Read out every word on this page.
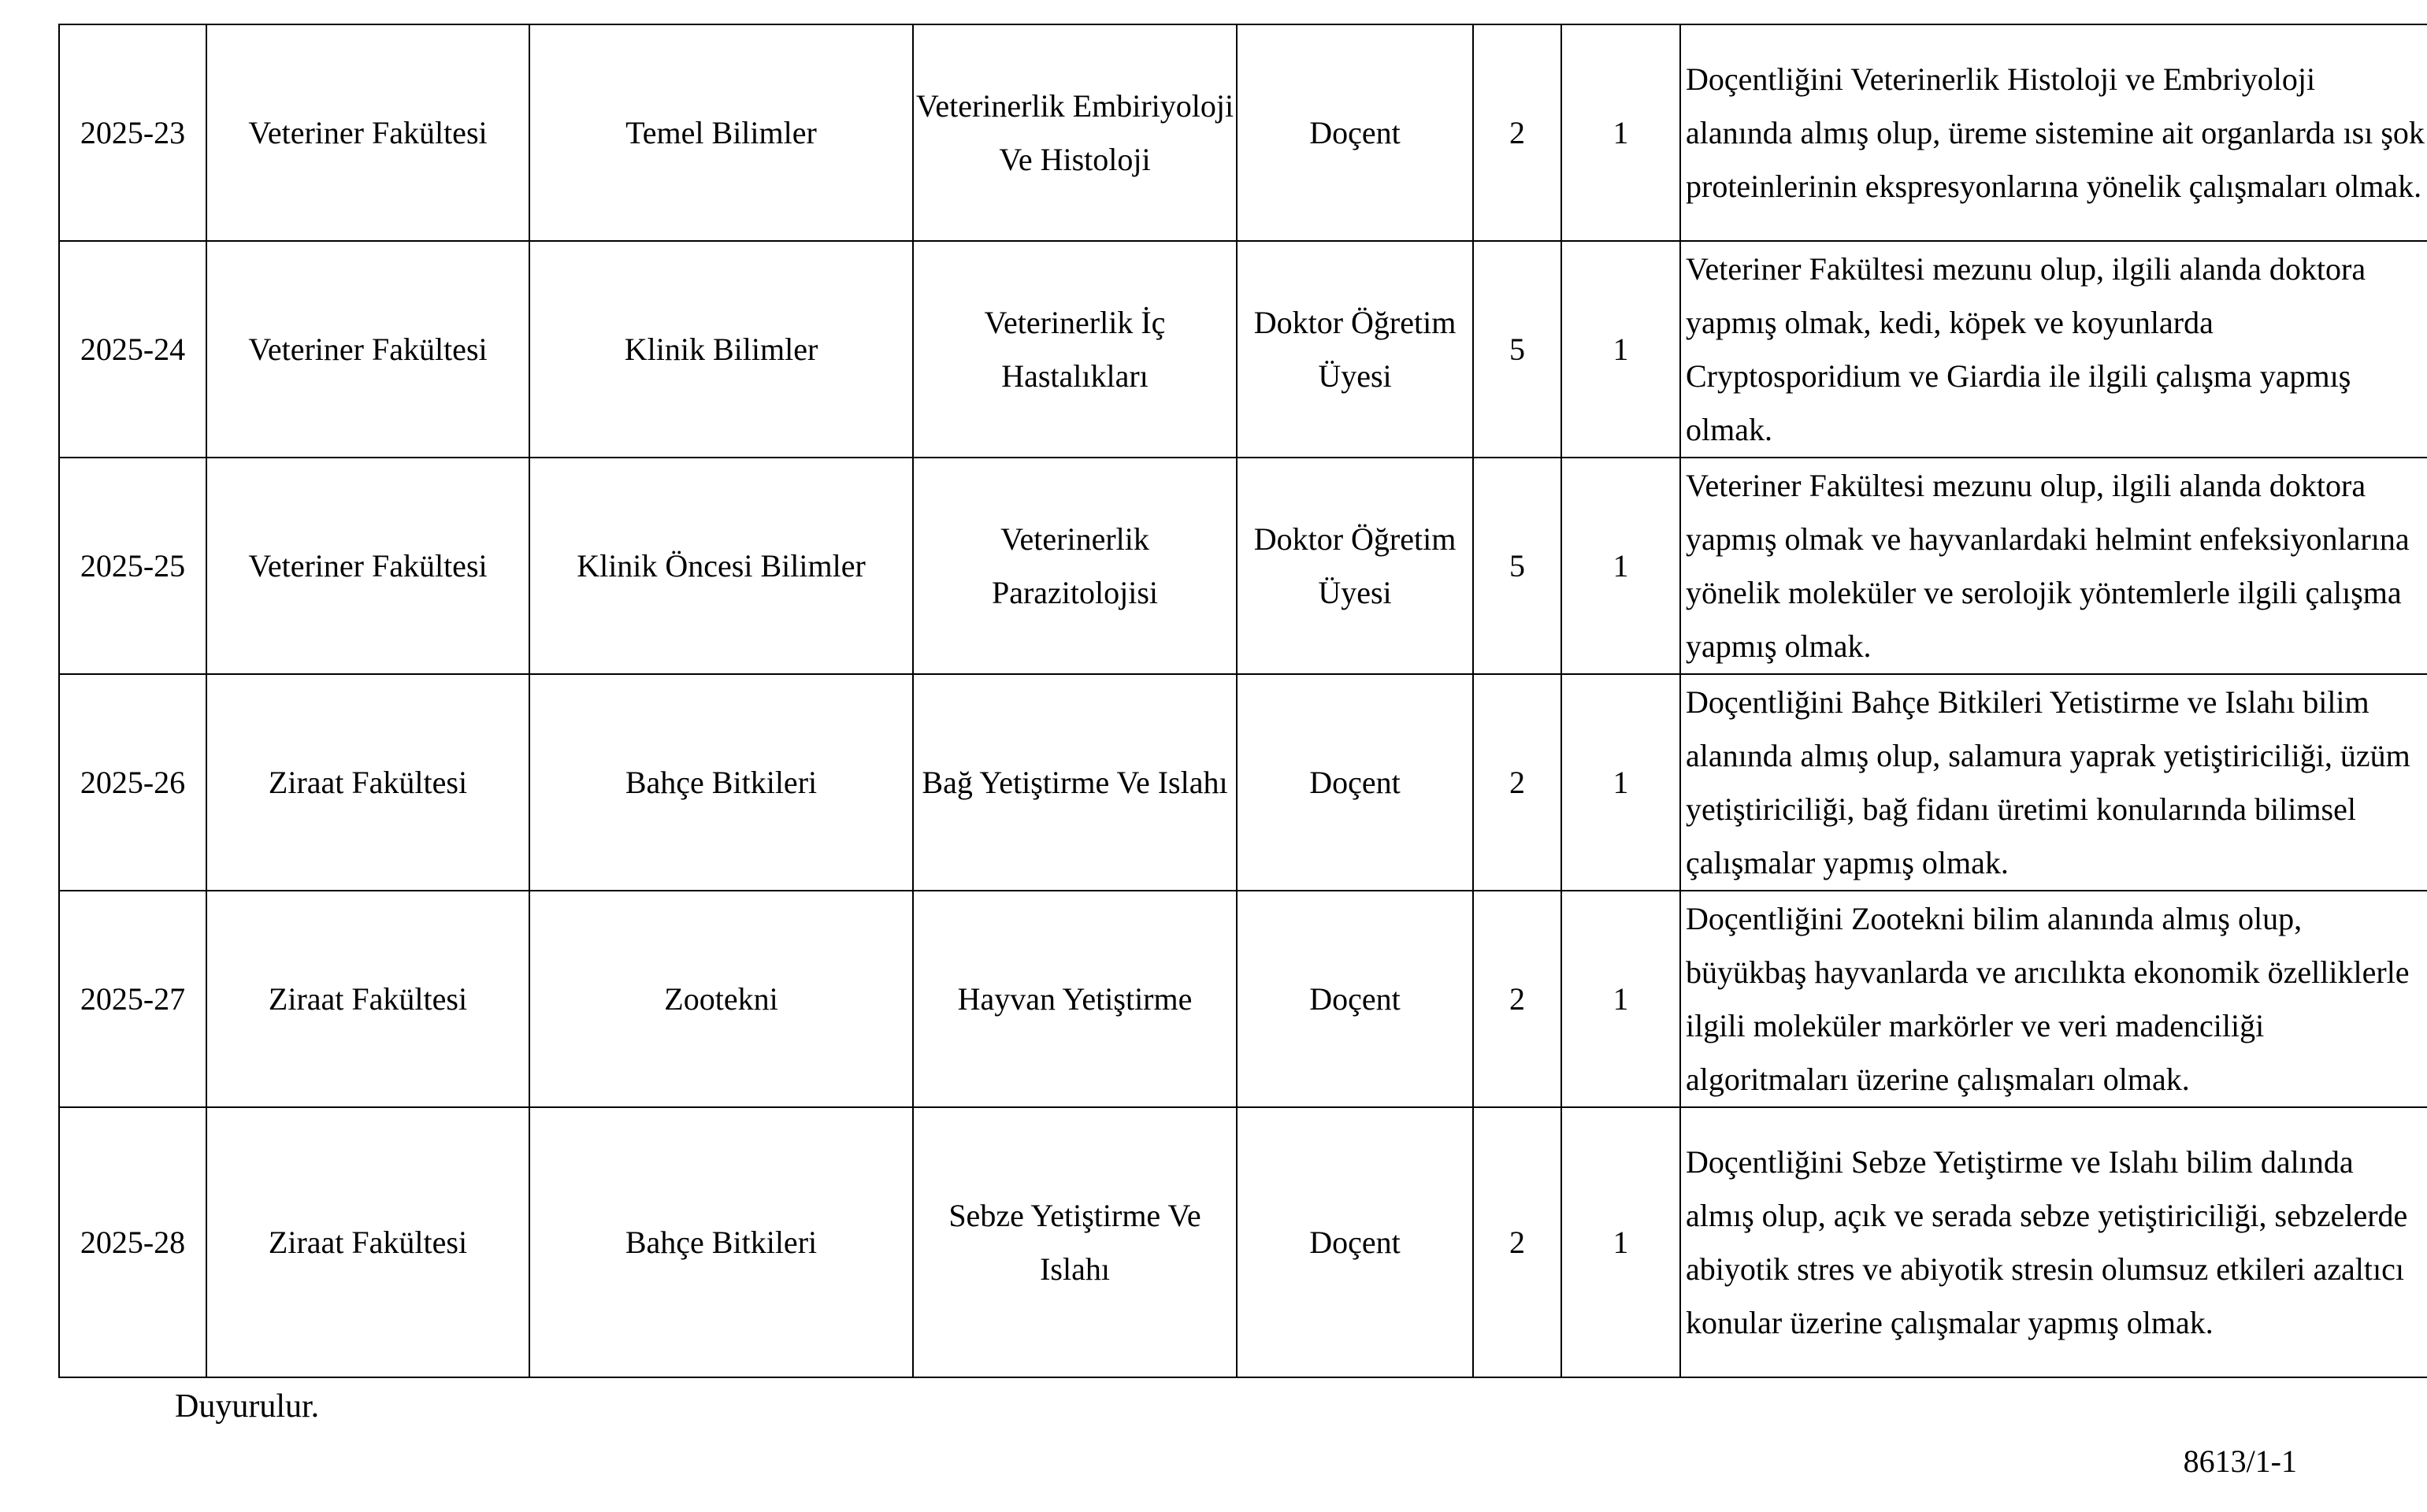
2025-23	Veteriner Fakültesi	Temel Bilimler	Veterinerlik Embiriyoloji Ve Histoloji	Doçent	2	1	Doçentliğini Veterinerlik Histoloji ve Embriyoloji alanında almış olup, üreme sistemine ait organlarda ısı şok proteinlerinin ekspresyonlarına yönelik çalışmaları olmak.
2025-24	Veteriner Fakültesi	Klinik Bilimler	Veterinerlik İç Hastalıkları	Doktor Öğretim Üyesi	5	1	Veteriner Fakültesi mezunu olup, ilgili alanda doktora yapmış olmak, kedi, köpek ve koyunlarda Cryptosporidium ve Giardia ile ilgili çalışma yapmış olmak.
2025-25	Veteriner Fakültesi	Klinik Öncesi Bilimler	Veterinerlik Parazitolojisi	Doktor Öğretim Üyesi	5	1	Veteriner Fakültesi mezunu olup, ilgili alanda doktora yapmış olmak ve hayvanlardaki helmint enfeksiyonlarına yönelik moleküler ve serolojik yöntemlerle ilgili çalışma yapmış olmak.
2025-26	Ziraat Fakültesi	Bahçe Bitkileri	Bağ Yetiştirme Ve Islahı	Doçent	2	1	Doçentliğini Bahçe Bitkileri Yetistirme ve Islahı bilim alanında almış olup, salamura yaprak yetiştiriciliği, üzüm yetiştiriciliği, bağ fidanı üretimi konularında bilimsel çalışmalar yapmış olmak.
2025-27	Ziraat Fakültesi	Zootekni	Hayvan Yetiştirme	Doçent	2	1	Doçentliğini Zootekni bilim alanında almış olup, büyükbaş hayvanlarda ve arıcılıkta ekonomik özelliklerle ilgili moleküler markörler ve veri madenciliği algoritmaları üzerine çalışmaları olmak.
2025-28	Ziraat Fakültesi	Bahçe Bitkileri	Sebze Yetiştirme Ve Islahı	Doçent	2	1	Doçentliğini Sebze Yetiştirme ve Islahı bilim dalında almış olup, açık ve serada sebze yetiştiriciliği, sebzelerde abiyotik stres ve abiyotik stresin olumsuz etkileri azaltıcı konular üzerine çalışmalar yapmış olmak.
Duyurulur.
8613/1-1
